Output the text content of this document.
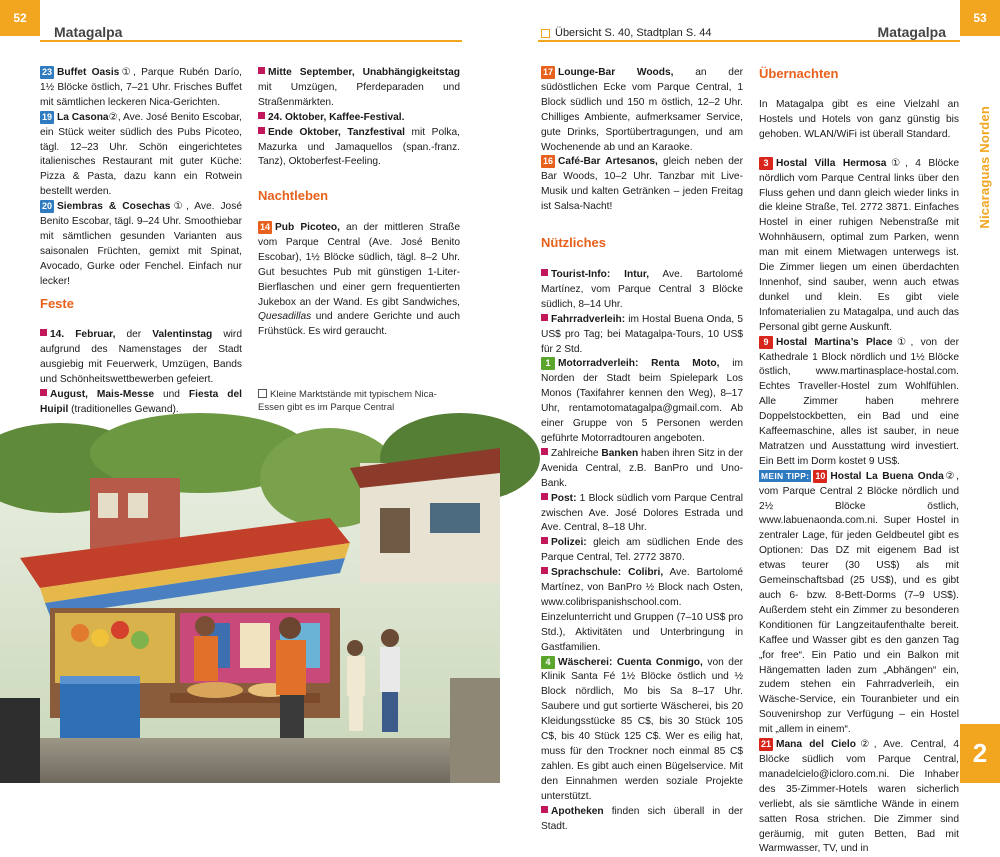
52
Matagalpa	Übersicht S. 40, Stadtplan S. 44	Matagalpa
53
Nicaraguas Norden
2

23 Buffet Oasis①, Parque Rubén Darío, 1½ Blöcke östlich, 7–21 Uhr. Frisches Buffet mit sämtlichen leckeren Nica-Gerichten.

19 La Casona②, Ave. José Benito Escobar, ein Stück weiter südlich des Pubs Picoteo, tägl. 12–23 Uhr. Schön eingerichtetes italienisches Restaurant mit guter Küche: Pizza & Pasta, dazu kann ein Rotwein bestellt werden.

20 Siembras & Cosechas①, Ave. José Benito Escobar, tägl. 9–24 Uhr. Smoothiebar mit sämtlichen gesunden Varianten aus saisonalen Früchten, gemixt mit Spinat, Avocado, Gurke oder Fenchel. Einfach nur lecker!

Feste

14. Februar, der Valentinstag wird aufgrund des Namenstages der Stadt ausgiebig mit Feuerwerk, Umzügen, Bands und Schönheitswettbewerben gefeiert.

August, Mais-Messe und Fiesta del Huipil (traditionelles Gewand).

Mitte September, Unabhängigkeitstag mit Umzügen, Pferdeparaden und Straßenmärkten.

24. Oktober, Kaffee-Festival.

Ende Oktober, Tanzfestival mit Polka, Mazurka und Jamaquellos (span.-franz. Tanz), Oktoberfest-Feeling.

Nachtleben

14 Pub Picoteo, an der mittleren Straße vom Parque Central (Ave. José Benito Escobar), 1½ Blöcke südlich, tägl. 8–2 Uhr. Gut besuchtes Pub mit günstigen 1-Liter-Bierflaschen und einer gern frequentierten Jukebox an der Wand. Es gibt Sandwiches, Quesadillas und andere Gerichte und auch Frühstück. Es wird geraucht.

Kleine Marktstände mit typischem Nica-Essen gibt es im Parque Central

17 Lounge-Bar Woods, an der südöstlichen Ecke vom Parque Central, 1 Block südlich und 150 m östlich, 12–2 Uhr. Chilliges Ambiente, aufmerksamer Service, gute Drinks, Sportübertragungen, und am Wochenende ab und an Karaoke.

16 Café-Bar Artesanos, gleich neben der Bar Woods, 10–2 Uhr. Tanzbar mit Live-Musik und kalten Getränken – jeden Freitag ist Salsa-Nacht!

Nützliches

Tourist-Info: Intur, Ave. Bartolomé Martínez, vom Parque Central 3 Blöcke südlich, 8–14 Uhr.

Fahrradverleih: im Hostal Buena Onda, 5 US$ pro Tag; bei Matagalpa-Tours, 10 US$ für 2 Std.

1 Motorradverleih: Renta Moto, im Norden der Stadt beim Spielepark Los Monos (Taxifahrer kennen den Weg), 8–17 Uhr, rentamotomatagalpa@gmail.com. Ab einer Gruppe von 5 Personen werden geführte Motorradtouren angeboten.

Zahlreiche Banken haben ihren Sitz in der Avenida Central, z.B. BanPro und Uno-Bank.

Post: 1 Block südlich vom Parque Central zwischen Ave. José Dolores Estrada und Ave. Central, 8–18 Uhr.

Polizei: gleich am südlichen Ende des Parque Central, Tel. 2772 3870.

Sprachschule: Colibri, Ave. Bartolomé Martínez, von BanPro ½ Block nach Osten, www.colibrispanishschool.com. Einzelunterricht und Gruppen (7–10 US$ pro Std.), Aktivitäten und Unterbringung in Gastfamilien.

4 Wäscherei: Cuenta Conmigo, von der Klinik Santa Fé 1½ Blöcke östlich und ½ Block nördlich, Mo bis Sa 8–17 Uhr. Saubere und gut sortierte Wäscherei, bis 20 Kleidungsstücke 85 C$, bis 30 Stück 105 C$, bis 40 Stück 125 C$. Wer es eilig hat, muss für den Trockner noch einmal 85 C$ zahlen. Es gibt auch einen Bügelservice. Mit den Einnahmen werden soziale Projekte unterstützt.

Apotheken finden sich überall in der Stadt.

Übernachten

In Matagalpa gibt es eine Vielzahl an Hostels und Hotels von ganz günstig bis gehoben. WLAN/WiFi ist überall Standard.

3 Hostal Villa Hermosa①, 4 Blöcke nördlich vom Parque Central links über den Fluss gehen und dann gleich wieder links in die kleine Straße, Tel. 2772 3871. Einfaches Hostel in einer ruhigen Nebenstraße mit Wohnhäusern, optimal zum Parken, wenn man mit einem Mietwagen unterwegs ist. Die Zimmer liegen um einen überdachten Innenhof, sind sauber, wenn auch etwas dunkel und klein. Es gibt viele Infomaterialien zu Matagalpa, und auch das Personal gibt gerne Auskunft.

9 Hostal Martina’s Place①, von der Kathedrale 1 Block nördlich und 1½ Blöcke östlich, www.martinasplace-hostal.com. Echtes Traveller-Hostel zum Wohlfühlen. Alle Zimmer haben mehrere Doppelstockbetten, ein Bad und eine Kaffeemaschine, alles ist sauber, in neue Matratzen und Ausstattung wird investiert. Ein Bett im Dorm kostet 9 US$.

MEIN TIPP: 10 Hostal La Buena Onda②, vom Parque Central 2 Blöcke nördlich und 2½ Blöcke östlich, www.labuenaonda.com.ni. Super Hostel in zentraler Lage, für jeden Geldbeutel gibt es Optionen: Das DZ mit eigenem Bad ist etwas teurer (30 US$) als mit Gemeinschaftsbad (25 US$), und es gibt auch 6- bzw. 8-Bett-Dorms (7–9 US$). Außerdem steht ein Zimmer zu besonderen Konditionen für Langzeitaufenthalte bereit. Kaffee und Wasser gibt es den ganzen Tag „for free“. Ein Patio und ein Balkon mit Hängematten laden zum „Abhängen“ ein, zudem stehen ein Fahrradverleih, ein Wäsche-Service, ein Touranbieter und ein Souvenirshop zur Verfügung – ein Hostel mit „allem in einem“.

21 Mana del Cielo②, Ave. Central, 4 Blöcke südlich vom Parque Central, manadelcielo@icloro.com.ni. Die Inhaber des 35-Zimmer-Hotels waren sicherlich verliebt, als sie sämtliche Wände in einem satten Rosa strichen. Die Zimmer sind geräumig, mit guten Betten, Bad mit Warmwasser, TV, und in
